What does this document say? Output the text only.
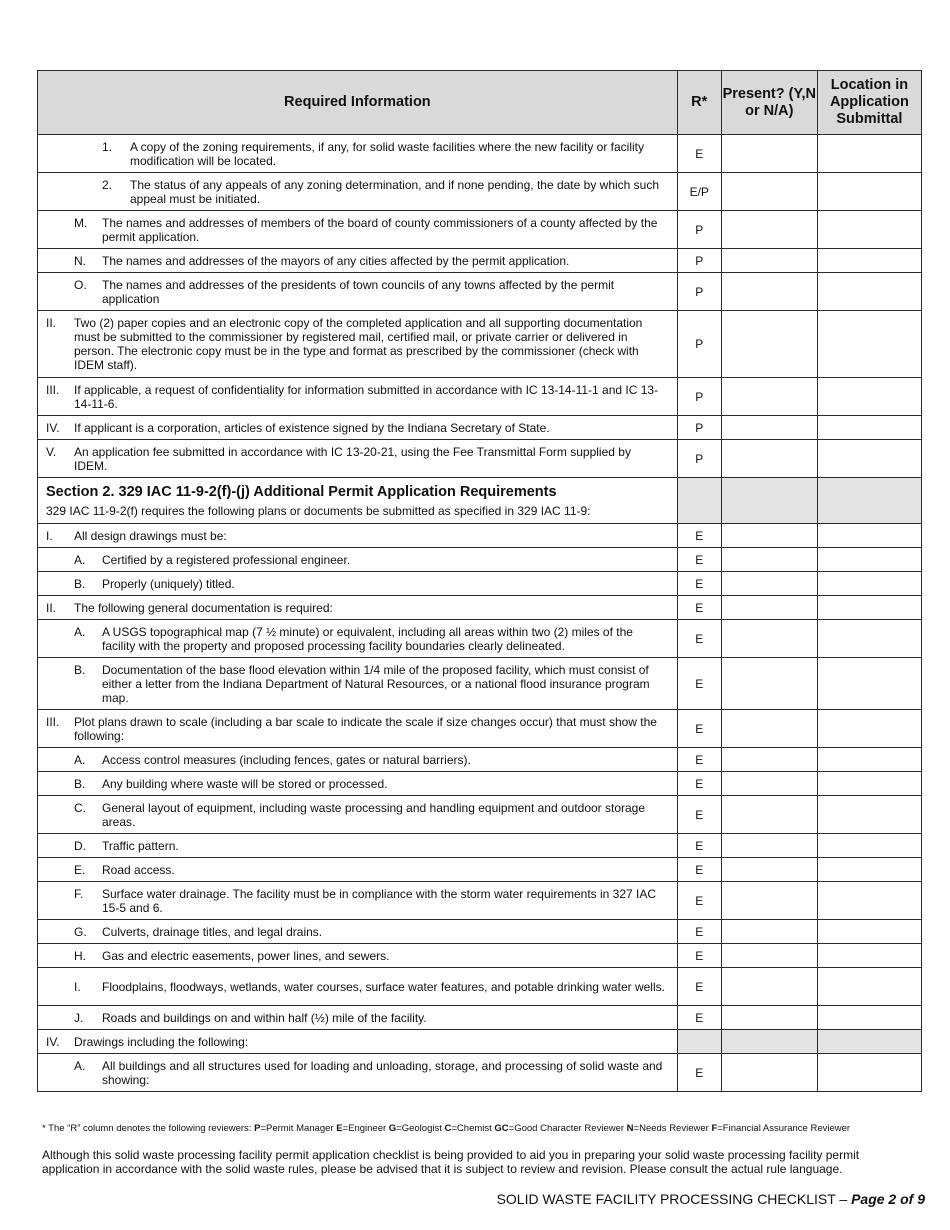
Required Information	R*	Present? (Y,N or N/A)	Location in Application Submittal

1. A copy of the zoning requirements, if any, for solid waste facilities where the new facility or facility modification will be located.	E		

2. The status of any appeals of any zoning determination, and if none pending, the date by which such appeal must be initiated.	E/P		

M. The names and addresses of members of the board of county commissioners of a county affected by the permit application.	P		

N. The names and addresses of the mayors of any cities affected by the permit application.	P		

O. The names and addresses of the presidents of town councils of any towns affected by the permit application	P		

II. Two (2) paper copies and an electronic copy of the completed application and all supporting documentation must be submitted to the commissioner by registered mail, certified mail, or private carrier or delivered in person. The electronic copy must be in the type and format as prescribed by the commissioner (check with IDEM staff).	P		

III. If applicable, a request of confidentiality for information submitted in accordance with IC 13-14-11-1 and IC 13-14-11-6.	P		

IV. If applicant is a corporation, articles of existence signed by the Indiana Secretary of State.	P		

V. An application fee submitted in accordance with IC 13-20-21, using the Fee Transmittal Form supplied by IDEM.	P		

Section 2. 329 IAC 11-9-2(f)-(j) Additional Permit Application Requirements
329 IAC 11-9-2(f) requires the following plans or documents be submitted as specified in 329 IAC 11-9:			

I. All design drawings must be:	E		

A. Certified by a registered professional engineer.	E		

B. Properly (uniquely) titled.	E		

II. The following general documentation is required:	E		

A. A USGS topographical map (7 ½ minute) or equivalent, including all areas within two (2) miles of the facility with the property and proposed processing facility boundaries clearly delineated.	E		

B. Documentation of the base flood elevation within 1/4 mile of the proposed facility, which must consist of either a letter from the Indiana Department of Natural Resources, or a national flood insurance program map.	E		

III. Plot plans drawn to scale (including a bar scale to indicate the scale if size changes occur) that must show the following:	E		

A. Access control measures (including fences, gates or natural barriers).	E		

B. Any building where waste will be stored or processed.	E		

C. General layout of equipment, including waste processing and handling equipment and outdoor storage areas.	E		

D. Traffic pattern.	E		

E. Road access.	E		

F. Surface water drainage. The facility must be in compliance with the storm water requirements in 327 IAC 15-5 and 6.	E		

G. Culverts, drainage titles, and legal drains.	E		

H. Gas and electric easements, power lines, and sewers.	E		

I. Floodplains, floodways, wetlands, water courses, surface water features, and potable drinking water wells.	E		

J. Roads and buildings on and within half (½) mile of the facility.	E		

IV. Drawings including the following:			

A. All buildings and all structures used for loading and unloading, storage, and processing of solid waste and showing:	E		
* The “R” column denotes the following reviewers: P=Permit Manager E=Engineer G=Geologist C=Chemist GC=Good Character Reviewer N=Needs Reviewer F=Financial Assurance Reviewer
Although this solid waste processing facility permit application checklist is being provided to aid you in preparing your solid waste processing facility permit application in accordance with the solid waste rules, please be advised that it is subject to review and revision. Please consult the actual rule language.
SOLID WASTE FACILITY PROCESSING CHECKLIST – Page 2 of 9
